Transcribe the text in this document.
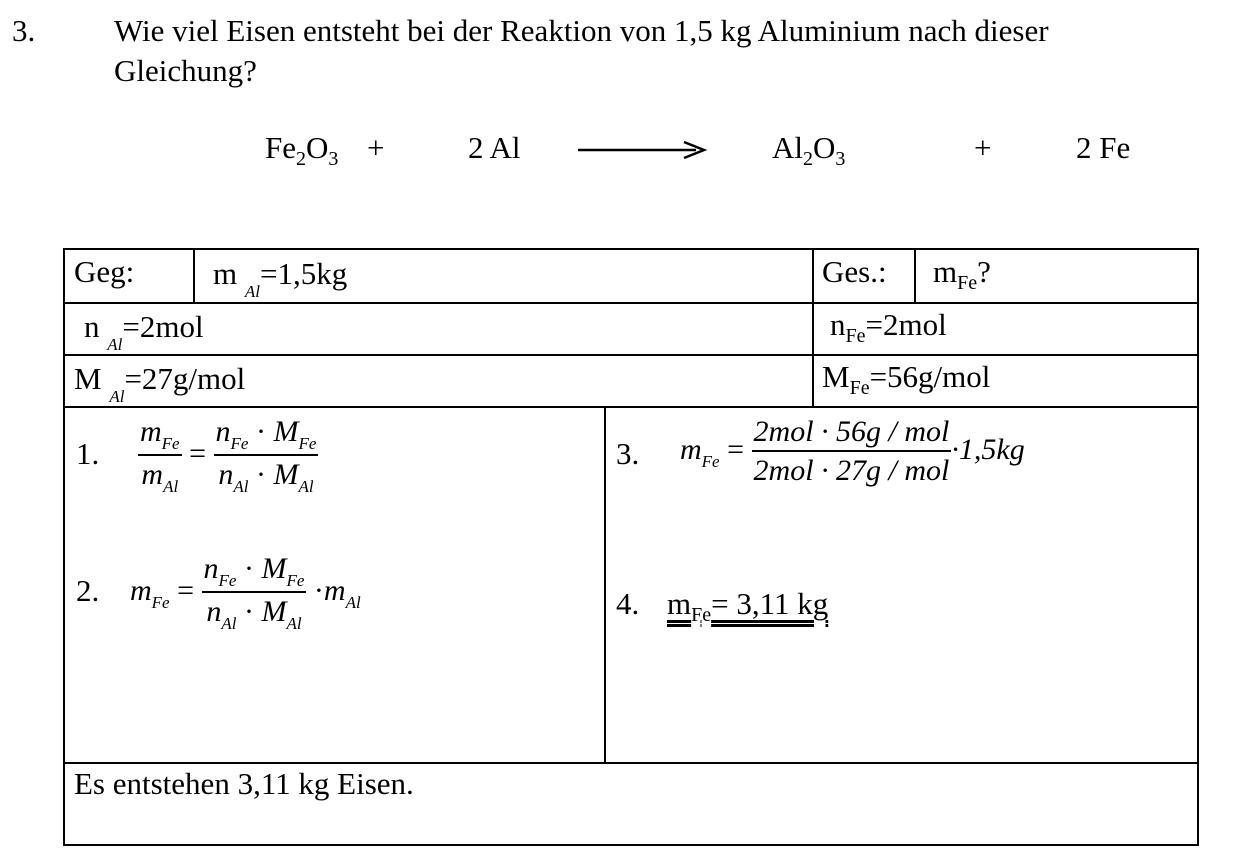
3.	Wie viel Eisen entsteht bei der Reaktion von 1,5 kg Aluminium nach dieser
Gleichung?
$Fe_2O_3$ +	2 Al	$Al_2O_3$	+	2 Fe
Geg:	m $_{Al}$=1,5kg	Ges.: $m_{Fe}$?
n $_{Al}$=2mol	$n_{Fe}=2mol$
M $_{Al}$=27g/mol	$M_{Fe}=56g$/mol
1. $\frac{m_{Fe}}{m_{Al}} = \frac{n_{Fe} \cdot M_{Fe}}{n_{Al} \cdot M_{Al}}$
2. $m_{Fe} = \frac{n_{Fe} \cdot M_{Fe}}{n_{Al} \cdot M_{Al}} \cdot m_{Al}$
3. $m_{Fe} = \frac{\text{2mol · 56g / mol}}{\text{2mol · 27g / mol}} \cdot 1,5kg$
4. $m_{Fe}= 3,11$ kg
Es entstehen 3,11 kg Eisen.
